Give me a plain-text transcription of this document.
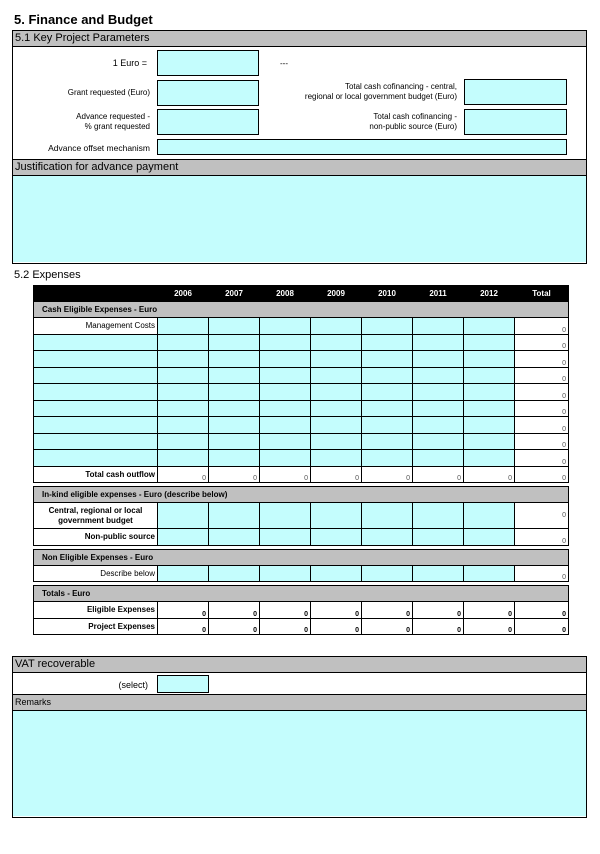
5. Finance and Budget
5.1 Key Project Parameters
1 Euro =	---
Grant requested (Euro)
Advance requested -
% grant requested
Advance offset mechanism
Total cash cofinancing - central,
regional or local government budget (Euro)
Total cash cofinancing -
non-public source (Euro)
Justification for advance payment
5.2 Expenses
	2006	2007	2008	2009	2010	2011	2012	Total
Cash Eligible Expenses - Euro								
Management Costs								0
								0
								0
								0
								0
								0
								0
								0
								0
Total cash outflow	0	0	0	0	0	0	0	0

In-kind eligible expenses - Euro (describe below)								

Central, regional or local
government budget								0
Non-public source								0

Non Eligible Expenses - Euro								
Describe below								0

Totals - Euro								
Eligible Expenses	0	0	0	0	0	0	0	0
Project Expenses	0	0	0	0	0	0	0	0
VAT recoverable
(select)
Remarks
